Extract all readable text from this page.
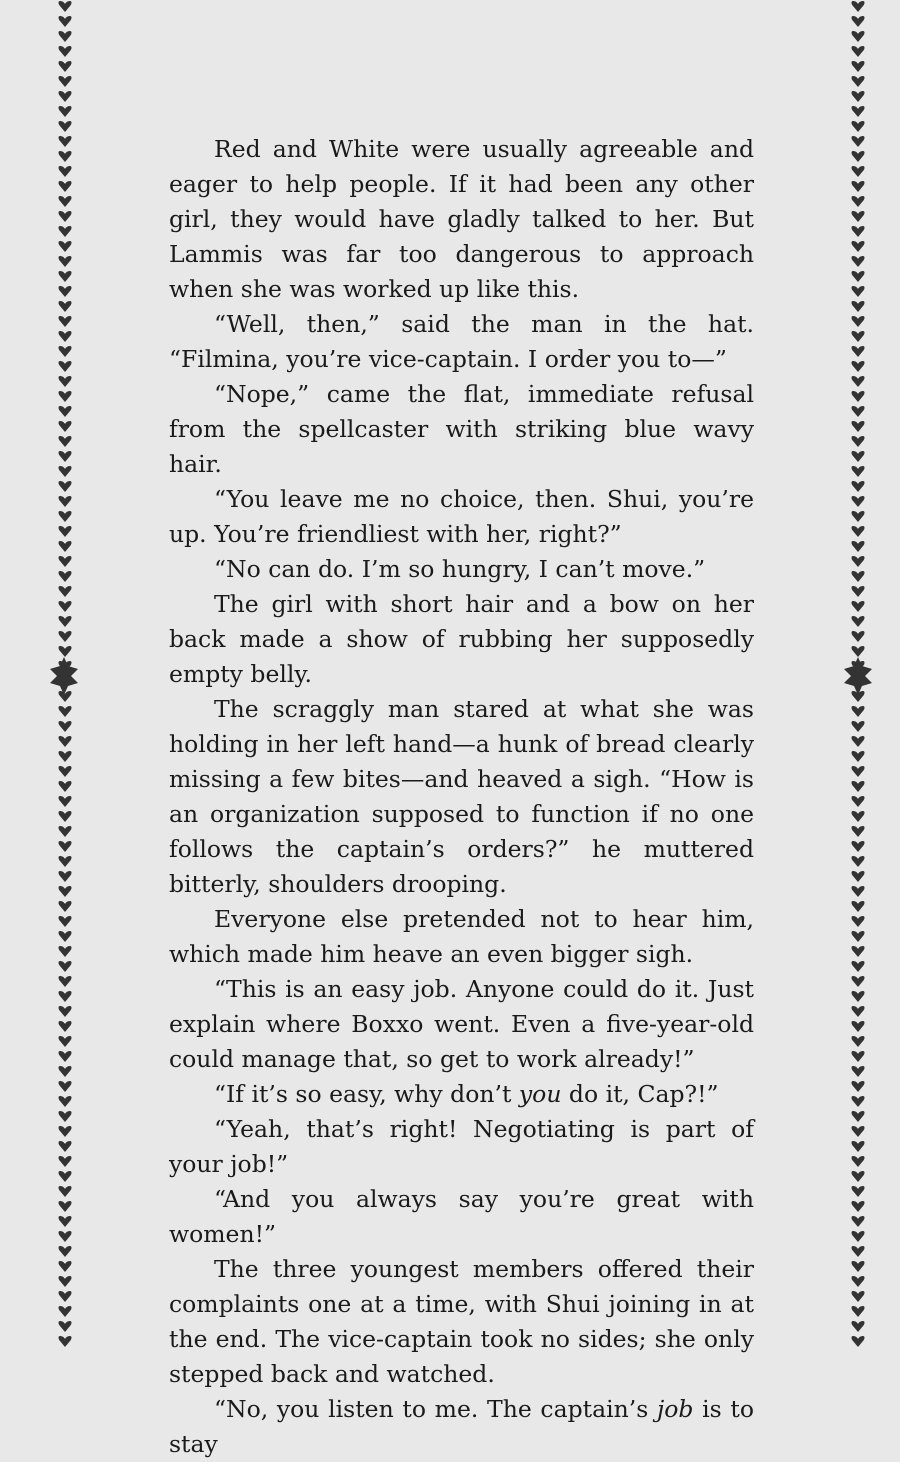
Red and White were usually agreeable and eager to help people. If it had been any other girl, they would have gladly talked to her. But Lammis was far too dangerous to approach when she was worked up like this.

“Well, then,” said the man in the hat. “Filmina, you’re vice-captain. I order you to—”

“Nope,” came the flat, immediate refusal from the spellcaster with striking blue wavy hair.

“You leave me no choice, then. Shui, you’re up. You’re friendliest with her, right?”

“No can do. I’m so hungry, I can’t move.”

The girl with short hair and a bow on her back made a show of rubbing her supposedly empty belly.

The scraggly man stared at what she was holding in her left hand—a hunk of bread clearly missing a few bites—and heaved a sigh. “How is an organization supposed to function if no one follows the captain’s orders?” he muttered bitterly, shoulders drooping.

Everyone else pretended not to hear him, which made him heave an even bigger sigh.

“This is an easy job. Anyone could do it. Just explain where Boxxo went. Even a five-year-old could manage that, so get to work already!”

“If it’s so easy, why don’t you do it, Cap?!”

“Yeah, that’s right! Negotiating is part of your job!”

“And you always say you’re great with women!”

The three youngest members offered their complaints one at a time, with Shui joining in at the end. The vice-captain took no sides; she only stepped back and watched.

“No, you listen to me. The captain’s job is to stay
